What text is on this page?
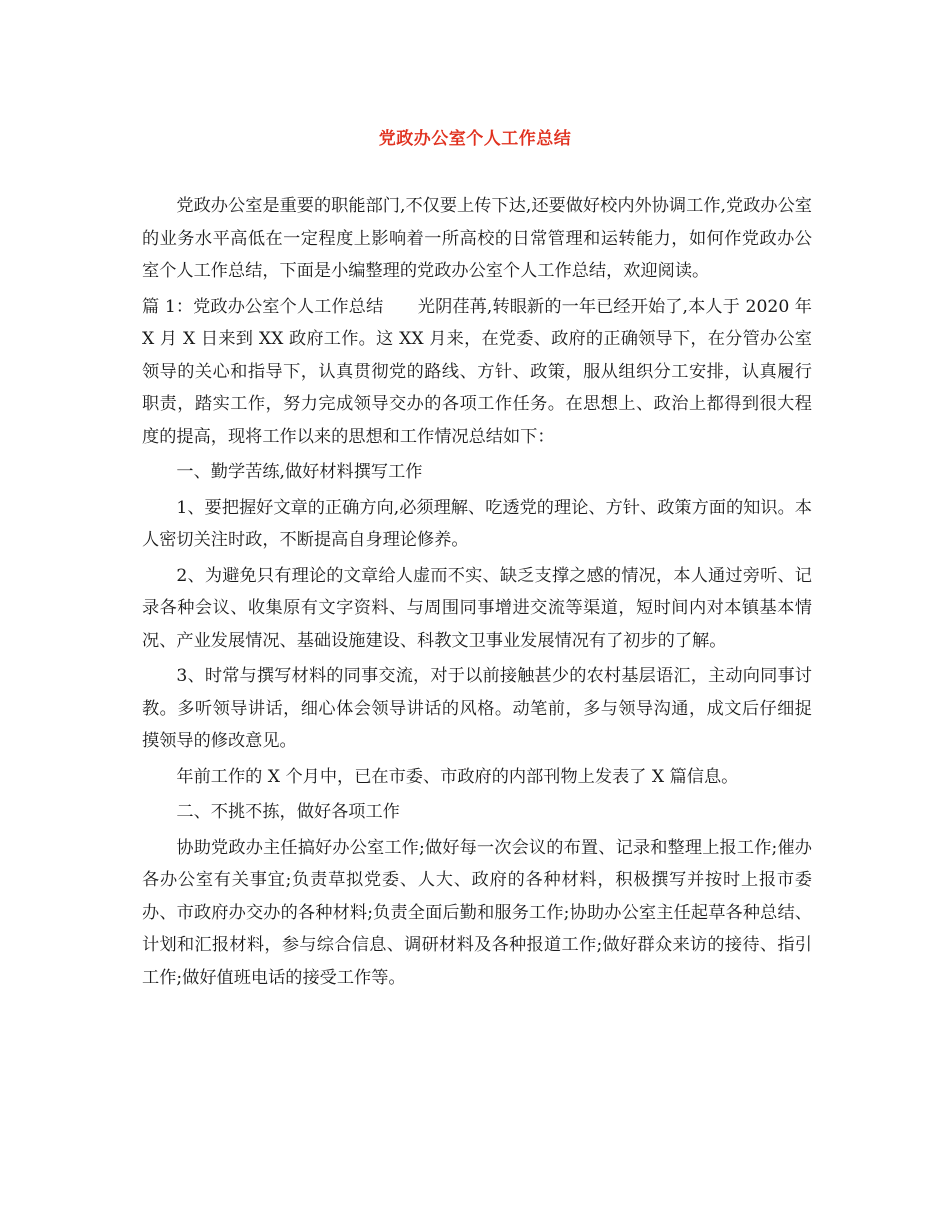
党政办公室个人工作总结

党政办公室是重要的职能部门,不仅要上传下达,还要做好校内外协调工作,党政办公室的业务水平高低在一定程度上影响着一所高校的日常管理和运转能力，如何作党政办公室个人工作总结，下面是小编整理的党政办公室个人工作总结，欢迎阅读。

篇 1：党政办公室个人工作总结　　光阴荏苒,转眼新的一年已经开始了,本人于 2020 年 X 月 X 日来到 XX 政府工作。这 XX 月来，在党委、政府的正确领导下，在分管办公室领导的关心和指导下，认真贯彻党的路线、方针、政策，服从组织分工安排，认真履行职责，踏实工作，努力完成领导交办的各项工作任务。在思想上、政治上都得到很大程度的提高，现将工作以来的思想和工作情况总结如下：

一、勤学苦练,做好材料撰写工作

1、要把握好文章的正确方向,必须理解、吃透党的理论、方针、政策方面的知识。本人密切关注时政，不断提高自身理论修养。

2、为避免只有理论的文章给人虚而不实、缺乏支撑之感的情况，本人通过旁听、记录各种会议、收集原有文字资料、与周围同事增进交流等渠道，短时间内对本镇基本情况、产业发展情况、基础设施建设、科教文卫事业发展情况有了初步的了解。

3、时常与撰写材料的同事交流，对于以前接触甚少的农村基层语汇，主动向同事讨教。多听领导讲话，细心体会领导讲话的风格。动笔前，多与领导沟通，成文后仔细捉摸领导的修改意见。

年前工作的 X 个月中，已在市委、市政府的内部刊物上发表了 X 篇信息。

二、不挑不拣，做好各项工作

协助党政办主任搞好办公室工作;做好每一次会议的布置、记录和整理上报工作;催办各办公室有关事宜;负责草拟党委、人大、政府的各种材料，积极撰写并按时上报市委办、市政府办交办的各种材料;负责全面后勤和服务工作;协助办公室主任起草各种总结、计划和汇报材料，参与综合信息、调研材料及各种报道工作;做好群众来访的接待、指引工作;做好值班电话的接受工作等。
